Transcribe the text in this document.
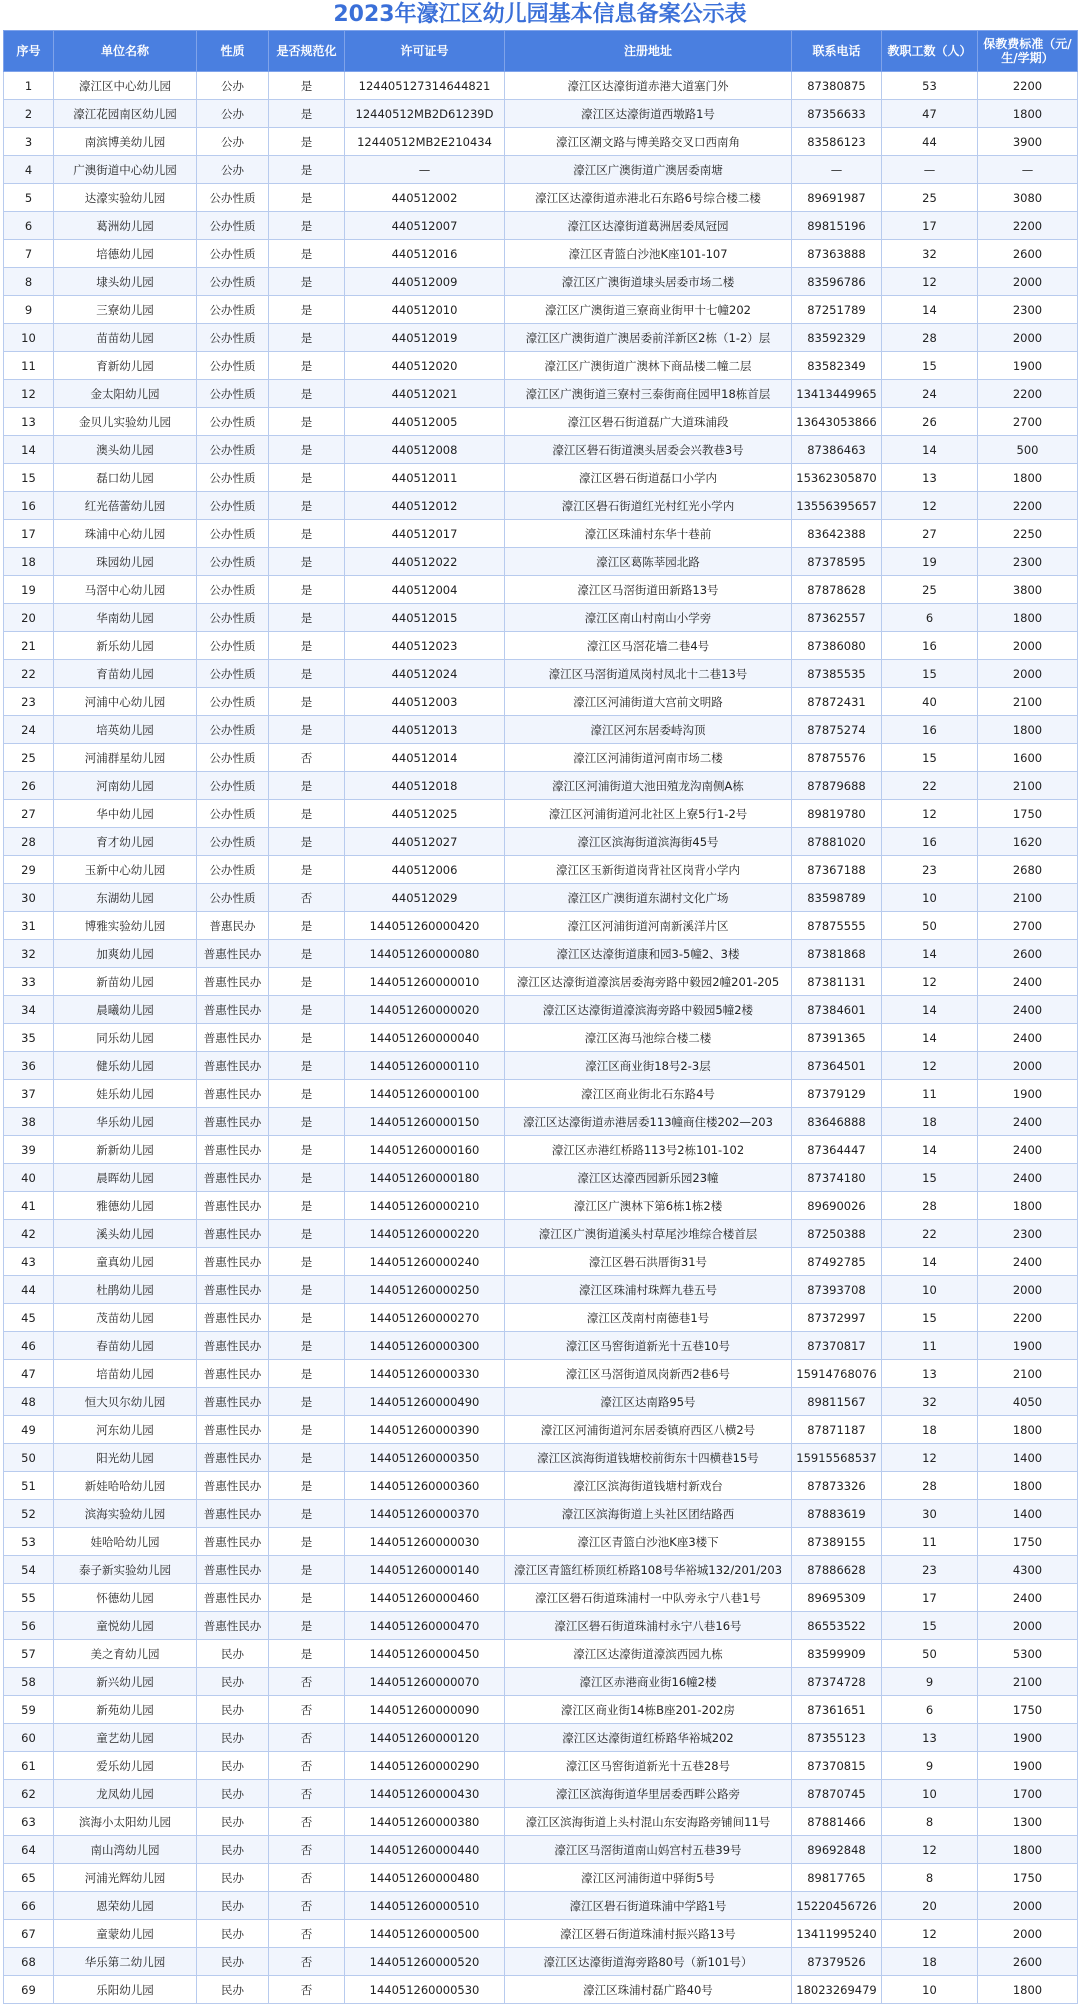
2023年濠江区幼儿园基本信息备案公示表
序号	单位名称	性质	是否规范化	许可证号	注册地址	联系电话	教职工数（人）	保教费标准（元/生/学期）
1	濠江区中心幼儿园	公办	是	124405127314644821	濠江区达濠街道赤港大道塞门外	87380875	53	2200
2	濠江花园南区幼儿园	公办	是	12440512MB2D61239D	濠江区达濠街道西墩路1号	87356633	47	1800
3	南滨博美幼儿园	公办	是	12440512MB2E210434	濠江区潮文路与博美路交叉口西南角	83586123	44	3900
4	广澳街道中心幼儿园	公办	是	—	濠江区广澳街道广澳居委南塘	—	—	—
5	达濠实验幼儿园	公办性质	是	440512002	濠江区达濠街道赤港北石东路6号综合楼二楼	89691987	25	3080
6	葛洲幼儿园	公办性质	是	440512007	濠江区达濠街道葛洲居委凤冠园	89815196	17	2200
7	培德幼儿园	公办性质	是	440512016	濠江区青篮白沙池K座101-107	87363888	32	2600
8	埭头幼儿园	公办性质	是	440512009	濠江区广澳街道埭头居委市场二楼	83596786	12	2000
9	三寮幼儿园	公办性质	是	440512010	濠江区广澳街道三寮商业街甲十七幢202	87251789	14	2300
10	苗苗幼儿园	公办性质	是	440512019	濠江区广澳街道广澳居委前洋新区2栋（1-2）层	83592329	28	2000
11	育新幼儿园	公办性质	是	440512020	濠江区广澳街道广澳林下商品楼二幢二层	83582349	15	1900
12	金太阳幼儿园	公办性质	是	440512021	濠江区广澳街道三寮村三泰街商住园甲18栋首层	13413449965	24	2200
13	金贝儿实验幼儿园	公办性质	是	440512005	濠江区礐石街道磊广大道珠浦段	13643053866	26	2700
14	澳头幼儿园	公办性质	是	440512008	濠江区礐石街道澳头居委会兴教巷3号	87386463	14	500
15	磊口幼儿园	公办性质	是	440512011	濠江区礐石街道磊口小学内	15362305870	13	1800
16	红光蓓蕾幼儿园	公办性质	是	440512012	濠江区礐石街道红光村红光小学内	13556395657	12	2200
17	珠浦中心幼儿园	公办性质	是	440512017	濠江区珠浦村东华十巷前	83642388	27	2250
18	珠园幼儿园	公办性质	是	440512022	濠江区葛陈莘园北路	87378595	19	2300
19	马滘中心幼儿园	公办性质	是	440512004	濠江区马滘街道田新路13号	87878628	25	3800
20	华南幼儿园	公办性质	是	440512015	濠江区南山村南山小学旁	87362557	6	1800
21	新乐幼儿园	公办性质	是	440512023	濠江区马滘花墙二巷4号	87386080	16	2000
22	育苗幼儿园	公办性质	是	440512024	濠江区马滘街道凤岗村凤北十二巷13号	87385535	15	2000
23	河浦中心幼儿园	公办性质	是	440512003	濠江区河浦街道大宫前文明路	87872431	40	2100
24	培英幼儿园	公办性质	是	440512013	濠江区河东居委峙沟顶	87875274	16	1800
25	河浦群星幼儿园	公办性质	否	440512014	濠江区河浦街道河南市场二楼	87875576	15	1600
26	河南幼儿园	公办性质	是	440512018	濠江区河浦街道大池田殖龙沟南侧A栋	87879688	22	2100
27	华中幼儿园	公办性质	是	440512025	濠江区河浦街道河北社区上寮5行1-2号	89819780	12	1750
28	育才幼儿园	公办性质	是	440512027	濠江区滨海街道滨海街45号	87881020	16	1620
29	玉新中心幼儿园	公办性质	是	440512006	濠江区玉新街道岗背社区岗背小学内	87367188	23	2680
30	东湖幼儿园	公办性质	否	440512029	濠江区广澳街道东湖村文化广场	83598789	10	2100
31	博雅实验幼儿园	普惠民办	是	144051260000420	濠江区河浦街道河南新溪洋片区	87875555	50	2700
32	加爽幼儿园	普惠性民办	是	144051260000080	濠江区达濠街道康和园3-5幢2、3楼	87381868	14	2600
33	新苗幼儿园	普惠性民办	是	144051260000010	濠江区达濠街道濠滨居委海旁路中毅园2幢201-205	87381131	12	2400
34	晨曦幼儿园	普惠性民办	是	144051260000020	濠江区达濠街道濠滨海旁路中毅园5幢2楼	87384601	14	2400
35	同乐幼儿园	普惠性民办	是	144051260000040	濠江区海马池综合楼二楼	87391365	14	2400
36	健乐幼儿园	普惠性民办	是	144051260000110	濠江区商业街18号2-3层	87364501	12	2000
37	娃乐幼儿园	普惠性民办	是	144051260000100	濠江区商业街北石东路4号	87379129	11	1900
38	华乐幼儿园	普惠性民办	是	144051260000150	濠江区达濠街道赤港居委113幢商住楼202—203	83646888	18	2400
39	新新幼儿园	普惠性民办	是	144051260000160	濠江区赤港红桥路113号2栋101-102	87364447	14	2400
40	晨晖幼儿园	普惠性民办	是	144051260000180	濠江区达濠西园新乐园23幢	87374180	15	2400
41	雅德幼儿园	普惠性民办	是	144051260000210	濠江区广澳林下第6栋1栋2楼	89690026	28	1800
42	溪头幼儿园	普惠性民办	是	144051260000220	濠江区广澳街道溪头村草尾沙堆综合楼首层	87250388	22	2300
43	童真幼儿园	普惠性民办	是	144051260000240	濠江区礐石洪厝街31号	87492785	14	2400
44	杜鹃幼儿园	普惠性民办	是	144051260000250	濠江区珠浦村珠辉九巷五号	87393708	10	2000
45	茂苗幼儿园	普惠性民办	是	144051260000270	濠江区茂南村南德巷1号	87372997	15	2200
46	春苗幼儿园	普惠性民办	是	144051260000300	濠江区马窖街道新光十五巷10号	87370817	11	1900
47	培苗幼儿园	普惠性民办	是	144051260000330	濠江区马滘街道凤岗新西2巷6号	15914768076	13	2100
48	恒大贝尔幼儿园	普惠性民办	是	144051260000490	濠江区达南路95号	89811567	32	4050
49	河东幼儿园	普惠性民办	是	144051260000390	濠江区河浦街道河东居委镇府西区八横2号	87871187	18	1800
50	阳光幼儿园	普惠性民办	是	144051260000350	濠江区滨海街道钱塘校前街东十四横巷15号	15915568537	12	1400
51	新娃哈哈幼儿园	普惠性民办	是	144051260000360	濠江区滨海街道钱塘村新戏台	87873326	28	1800
52	滨海实验幼儿园	普惠性民办	是	144051260000370	濠江区滨海街道上头社区团结路西	87883619	30	1400
53	娃哈哈幼儿园	普惠性民办	是	144051260000030	濠江区青篮白沙池K座3楼下	87389155	11	1750
54	泰子新实验幼儿园	普惠性民办	是	144051260000140	濠江区青篮红桥顶红桥路108号华裕城132/201/203	87886628	23	4300
55	怀德幼儿园	普惠性民办	是	144051260000460	濠江区礐石街道珠浦村一中队旁永宁八巷1号	89695309	17	2400
56	童悦幼儿园	普惠性民办	是	144051260000470	濠江区礐石街道珠浦村永宁八巷16号	86553522	15	2000
57	美之育幼儿园	民办	是	144051260000450	濠江区达濠街道濠滨西园九栋	83599909	50	5300
58	新兴幼儿园	民办	否	144051260000070	濠江区赤港商业街16幢2楼	87374728	9	2100
59	新苑幼儿园	民办	否	144051260000090	濠江区商业街14栋B座201-202房	87361651	6	1750
60	童艺幼儿园	民办	否	144051260000120	濠江区达濠街道红桥路华裕城202	87355123	13	1900
61	爱乐幼儿园	民办	否	144051260000290	濠江区马窖街道新光十五巷28号	87370815	9	1900
62	龙凤幼儿园	民办	否	144051260000430	濠江区滨海街道华里居委西畔公路旁	87870745	10	1700
63	滨海小太阳幼儿园	民办	否	144051260000380	濠江区滨海街道上头村混山东安海路旁铺间11号	87881466	8	1300
64	南山湾幼儿园	民办	否	144051260000440	濠江区马滘街道南山妈宫村五巷39号	89692848	12	1800
65	河浦光辉幼儿园	民办	否	144051260000480	濠江区河浦街道中驿街5号	89817765	8	1750
66	恩荣幼儿园	民办	否	144051260000510	濠江区礐石街道珠浦中学路1号	15220456726	20	2000
67	童蒙幼儿园	民办	否	144051260000500	濠江区礐石街道珠浦村振兴路13号	13411995240	12	2000
68	华乐第二幼儿园	民办	否	144051260000520	濠江区达濠街道海旁路80号（新101号）	87379526	18	2600
69	乐阳幼儿园	民办	否	144051260000530	濠江区珠浦村磊广路40号	18023269479	10	1800
